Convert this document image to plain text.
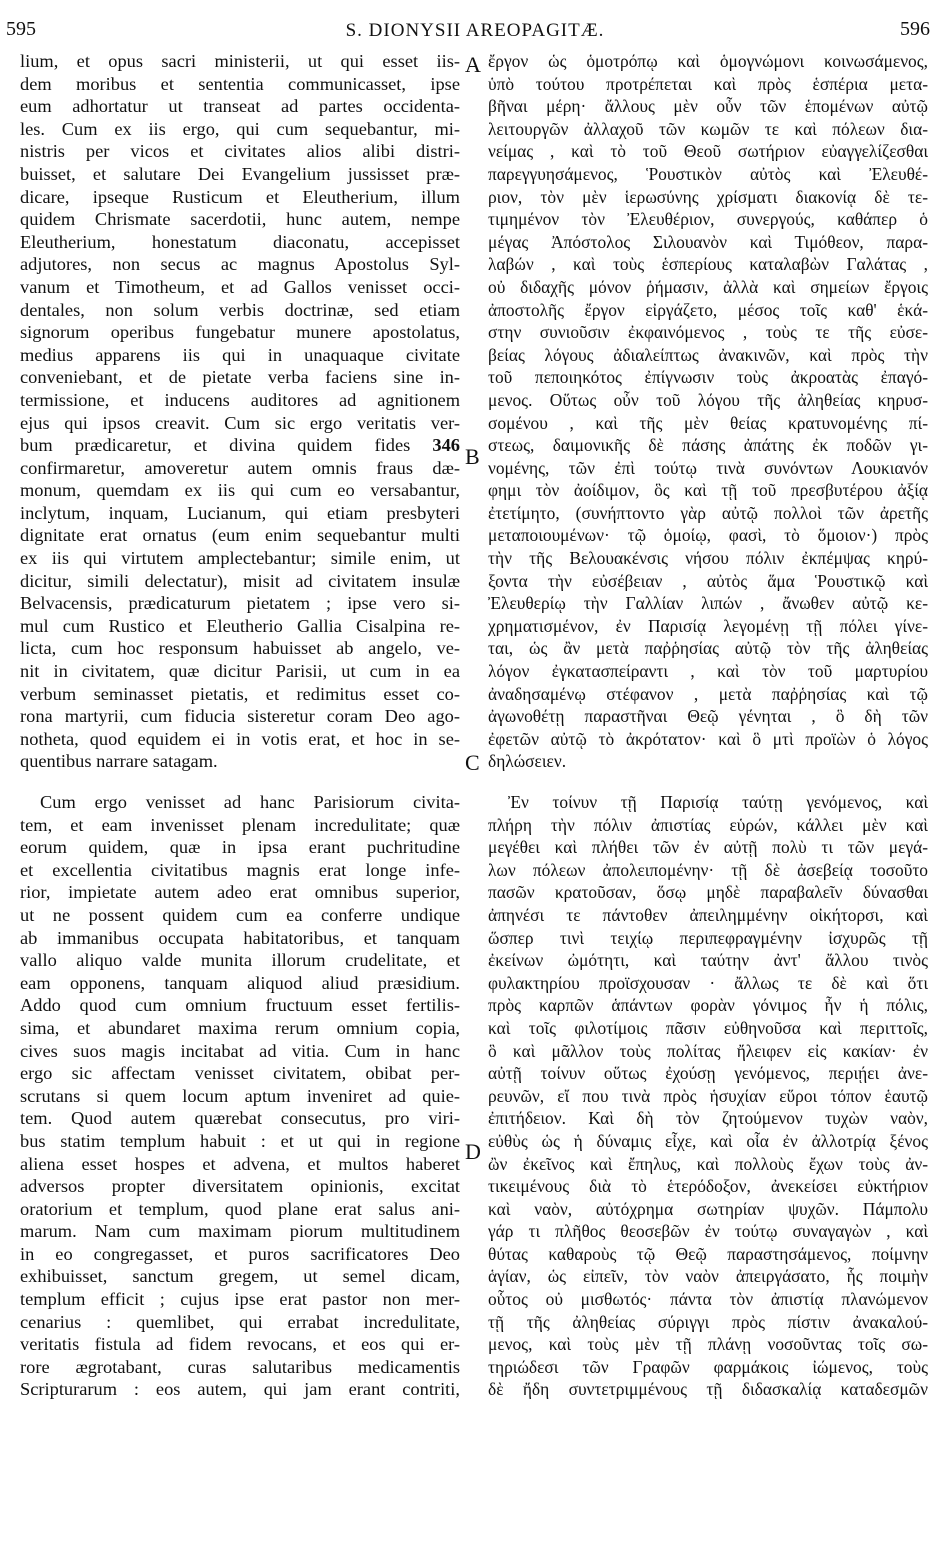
595	S. DIONYSII AREOPAGITÆ.	596
A
B
C
D
lium, et opus sacri ministerii, ut qui esset iis-
dem moribus et sententia communicasset, ipse
eum adhortatur ut transeat ad partes occidenta-
les. Cum ex iis ergo, qui cum sequebantur, mi-
nistris per vicos et civitates alios alibi distri-
buisset, et salutare Dei Evangelium jussisset præ-
dicare, ipseque Rusticum et Eleutherium, illum
quidem Chrismate sacerdotii, hunc autem, nempe
Eleutherium, honestatum diaconatu, accepisset
adjutores, non secus ac magnus Apostolus Syl-
vanum et Timotheum, et ad Gallos venisset occi-
dentales, non solum verbis doctrinæ, sed etiam
signorum operibus fungebatur munere apostolatus,
medius apparens iis qui in unaquaque civitate
conveniebant, et de pietate verba faciens sine in-
termissione, et inducens auditores ad agnitionem
ejus qui ipsos creavit. Cum sic ergo veritatis ver-
bum prædicaretur, et divina quidem fides 346
confirmaretur, amoveretur autem omnis fraus dæ-
monum, quemdam ex iis qui cum eo versabantur,
inclytum, inquam, Lucianum, qui etiam presbyteri
dignitate erat ornatus (eum enim sequebantur multi
ex iis qui virtutem amplectebantur; simile enim, ut
dicitur, simili delectatur), misit ad civitatem insulæ
Belvacensis, prædicaturum pietatem ; ipse vero si-
mul cum Rustico et Eleutherio Gallia Cisalpina re-
licta, cum hoc responsum habuisset ab angelo, ve-
nit in civitatem, quæ dicitur Parisii, ut cum in ea
verbum seminasset pietatis, et redimitus esset co-
rona martyrii, cum fiducia sisteretur coram Deo ago-
notheta, quod equidem ei in votis erat, et hoc in se-
quentibus narrare satagam.
Cum ergo venisset ad hanc Parisiorum civita-
tem, et eam invenisset plenam incredulitate; quæ
eorum quidem, quæ in ipsa erant puchritudine
et excellentia civitatibus magnis erat longe infe-
rior, impietate autem adeo erat omnibus superior,
ut ne possent quidem cum ea conferre undique
ab immanibus occupata habitatoribus, et tanquam
vallo aliquo valde munita illorum crudelitate, et
eam opponens, tanquam aliquod aliud præsidium.
Addo quod cum omnium fructuum esset fertilis-
sima, et abundaret maxima rerum omnium copia,
cives suos magis incitabat ad vitia. Cum in hanc
ergo sic affectam venisset civitatem, obibat per-
scrutans si quem locum aptum inveniret ad quie-
tem. Quod autem quærebat consecutus, pro viri-
bus statim templum habuit : et ut qui in regione
aliena esset hospes et advena, et multos haberet
adversos propter diversitatem opinionis, excitat
oratorium et templum, quod plane erat salus ani-
marum. Nam cum maximam piorum multitudinem
in eo congregasset, et puros sacrificatores Deo
exhibuisset, sanctum gregem, ut semel dicam,
templum efficit ; cujus ipse erat pastor non mer-
cenarius : quemlibet, qui errabat incredulitate,
veritatis fistula ad fidem revocans, et eos qui er-
rore ægrotabant, curas salutaribus medicamentis
Scripturarum : eos autem, qui jam erant contriti,
ἔργον ὡς ὁμοτρόπῳ καὶ ὁμογνώμονι κοινωσάμενος,
ὑπὸ τούτου προτρέπεται καὶ πρὸς ἑσπέρια μετα-
βῆναι μέρη· ἄλλους μὲν οὖν τῶν ἑπομένων αὐτῷ
λειτουργῶν ἀλλαχοῦ τῶν κωμῶν τε καὶ πόλεων δια-
νείμας , καὶ τὸ τοῦ Θεοῦ σωτήριον εὐαγγελίζεσθαι
παρεγγυησάμενος, Ῥουστικὸν αὐτὸς καὶ Ἐλευθέ-
ριον, τὸν μὲν ἱερωσύνης χρίσματι διακονίᾳ δὲ τε-
τιμημένον τὸν Ἐλευθέριον, συνεργούς, καθάπερ ὁ
μέγας Ἀπόστολος Σιλουανὸν καὶ Τιμόθεον, παρα-
λαβών , καὶ τοὺς ἑσπερίους καταλαβὼν Γαλάτας ,
οὐ διδαχῆς μόνον ῥήμασιν, ἀλλὰ καὶ σημείων ἔργοις
ἀποστολῆς ἔργον εἰργάζετο, μέσος τοῖς καθ' ἑκά-
στην συνιοῦσιν ἐκφαινόμενος , τοὺς τε τῆς εὐσε-
βείας λόγους ἀδιαλείπτως ἀνακινῶν, καὶ πρὸς τὴν
τοῦ πεποιηκότος ἐπίγνωσιν τοὺς ἀκροατὰς ἐπαγό-
μενος. Οὕτως οὖν τοῦ λόγου τῆς ἀληθείας κηρυσ-
σομένου , καὶ τῆς μὲν θείας κρατυνομένης πί-
στεως, δαιμονικῆς δὲ πάσης ἀπάτης ἐκ ποδῶν γι-
νομένης, τῶν ἐπὶ τούτῳ τινὰ συνόντων Λουκιανόν
φημι τὸν ἀοίδιμον, ὃς καὶ τῇ τοῦ πρεσβυτέρου ἀξίᾳ
ἐτετίμητο, (συνήπτοντο γὰρ αὐτῷ πολλοὶ τῶν ἀρετῆς
μεταποιουμένων· τῷ ὁμοίῳ, φασὶ, τὸ ὅμοιον·) πρὸς
τὴν τῆς Βελουακένσις νήσου πόλιν ἐκπέμψας κηρύ-
ξοντα τὴν εὐσέβειαν , αὐτὸς ἅμα Ῥουστικῷ καὶ
Ἐλευθερίῳ τὴν Γαλλίαν λιπών , ἄνωθεν αὐτῷ κε-
χρηματισμένον, ἐν Παρισίᾳ λεγομένῃ τῇ πόλει γίνε-
ται, ὡς ἂν μετὰ παῤῥησίας αὐτῷ τὸν τῆς ἀληθείας
λόγον ἐγκατασπείραντι , καὶ τὸν τοῦ μαρτυρίου
ἀναδησαμένῳ στέφανον , μετὰ παῤῥησίας καὶ τῷ
ἀγωνοθέτῃ παραστῆναι Θεῷ γένηται , ὃ δὴ τῶν
ἐφετῶν αὐτῷ τὸ ἀκρότατον· καὶ ὃ μτὶ προϊὼν ὁ λόγος
δηλώσειεν.
Ἐν τοίνυν τῇ Παρισίᾳ ταύτῃ γενόμενος, καὶ
πλήρη τὴν πόλιν ἀπιστίας εὑρών, κάλλει μὲν καὶ
μεγέθει καὶ πλήθει τῶν ἐν αὐτῇ πολὺ τι τῶν μεγά-
λων πόλεων ἀπολειπομένην· τῇ δὲ ἀσεβείᾳ τοσοῦτο
πασῶν κρατοῦσαν, ὅσῳ μηδὲ παραβαλεῖν δύνασθαι
ἀπηνέσι τε πάντοθεν ἀπειλημμένην οἰκήτορσι, καὶ
ὥσπερ τινὶ τειχίῳ περιπεφραγμένην ἰσχυρῶς τῇ
ἐκείνων ὠμότητι, καὶ ταύτην ἀντ' ἄλλου τινὸς
φυλακτηρίου προϊσχουσαν · ἄλλως τε δὲ καὶ ὅτι
πρὸς καρπῶν ἁπάντων φορὰν γόνιμος ἦν ἡ πόλις,
καὶ τοῖς φιλοτίμοις πᾶσιν εὐθηνοῦσα καὶ περιττοῖς,
ὃ καὶ μᾶλλον τοὺς πολίτας ἤλειφεν εἰς κακίαν· ἐν
αὐτῇ τοίνυν οὕτως ἐχούσῃ γενόμενος, περιῄει ἀνε-
ρευνῶν, εἴ που τινὰ πρὸς ἡσυχίαν εὕροι τόπον ἑαυτῷ
ἐπιτήδειον. Καὶ δὴ τὸν ζητούμενον τυχὼν ναὸν,
εὐθὺς ὡς ἡ δύναμις εἶχε, καὶ οἷα ἐν ἀλλοτρίᾳ ξένος
ὢν ἐκεῖνος καὶ ἔπηλυς, καὶ πολλοὺς ἔχων τοὺς ἀν-
τικειμένους διὰ τὸ ἑτερόδοξον, ἀνεκείσει εὐκτήριον
καὶ ναὸν, αὐτόχρημα σωτηρίαν ψυχῶν. Πάμπολυ
γάρ τι πλῆθος θεοσεβῶν ἐν τούτῳ συναγαγὼν , καὶ
θύτας καθαροὺς τῷ Θεῷ παραστησάμενος, ποίμνην
ἁγίαν, ὡς εἰπεῖν, τὸν ναὸν ἀπειργάσατο, ἧς ποιμὴν
οὗτος οὐ μισθωτός· πάντα τὸν ἀπιστίᾳ πλανώμενον
τῇ τῆς ἀληθείας σύριγγι πρὸς πίστιν ἀνακαλού-
μενος, καὶ τοὺς μὲν τῇ πλάνῃ νοσοῦντας τοῖς σω-
τηριώδεσι τῶν Γραφῶν φαρμάκοις ἰώμενος, τοὺς
δὲ ἤδη συντετριμμένους τῇ διδασκαλίᾳ καταδεσμῶν
